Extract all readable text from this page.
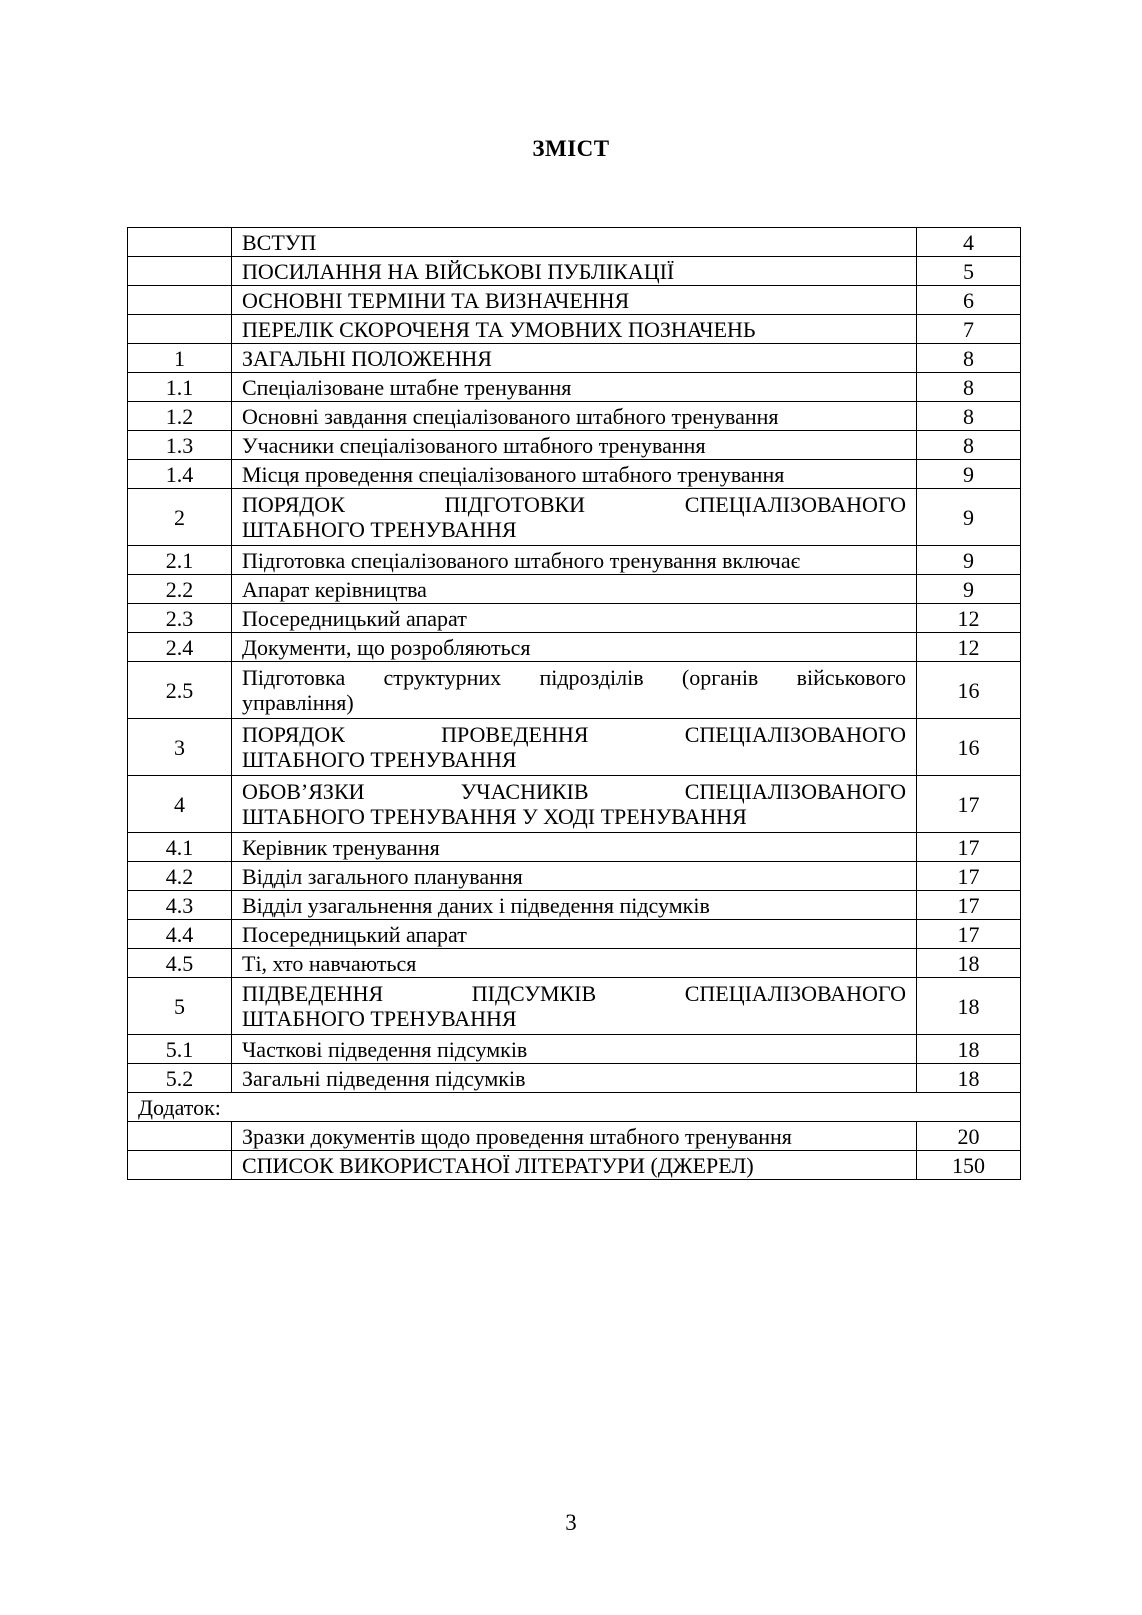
ЗМІСТ
	ВСТУП	4
	ПОСИЛАННЯ НА ВІЙСЬКОВІ ПУБЛІКАЦІЇ	5
	ОСНОВНІ ТЕРМІНИ ТА ВИЗНАЧЕННЯ	6
	ПЕРЕЛІК СКОРОЧЕНЯ ТА УМОВНИХ ПОЗНАЧЕНЬ	7
1	ЗАГАЛЬНІ ПОЛОЖЕННЯ	8
1.1	Спеціалізоване штабне тренування	8
1.2	Основні завдання спеціалізованого штабного тренування	8
1.3	Учасники спеціалізованого штабного тренування	8
1.4	Місця проведення спеціалізованого штабного тренування	9
2	ПОРЯДОК ПІДГОТОВКИ СПЕЦІАЛІЗОВАНОГО
ШТАБНОГО ТРЕНУВАННЯ	9
2.1	Підготовка спеціалізованого штабного тренування включає	9
2.2	Апарат керівництва	9
2.3	Посередницький апарат	12
2.4	Документи, що розробляються	12
2.5	Підготовка структурних підрозділів (органів військового
управління)	16
3	ПОРЯДОК ПРОВЕДЕННЯ СПЕЦІАЛІЗОВАНОГО
ШТАБНОГО ТРЕНУВАННЯ	16
4	ОБОВ’ЯЗКИ УЧАСНИКІВ СПЕЦІАЛІЗОВАНОГО
ШТАБНОГО ТРЕНУВАННЯ У ХОДІ ТРЕНУВАННЯ	17
4.1	Керівник тренування	17
4.2	Відділ загального планування	17
4.3	Відділ узагальнення даних і підведення підсумків	17
4.4	Посередницький апарат	17
4.5	Ті, хто навчаються	18
5	ПІДВЕДЕННЯ ПІДСУМКІВ СПЕЦІАЛІЗОВАНОГО
ШТАБНОГО ТРЕНУВАННЯ	18
5.1	Часткові підведення підсумків	18
5.2	Загальні підведення підсумків	18
Додаток:		
	Зразки документів щодо проведення штабного тренування	20
	СПИСОК ВИКОРИСТАНОЇ ЛІТЕРАТУРИ (ДЖЕРЕЛ)	150
3
